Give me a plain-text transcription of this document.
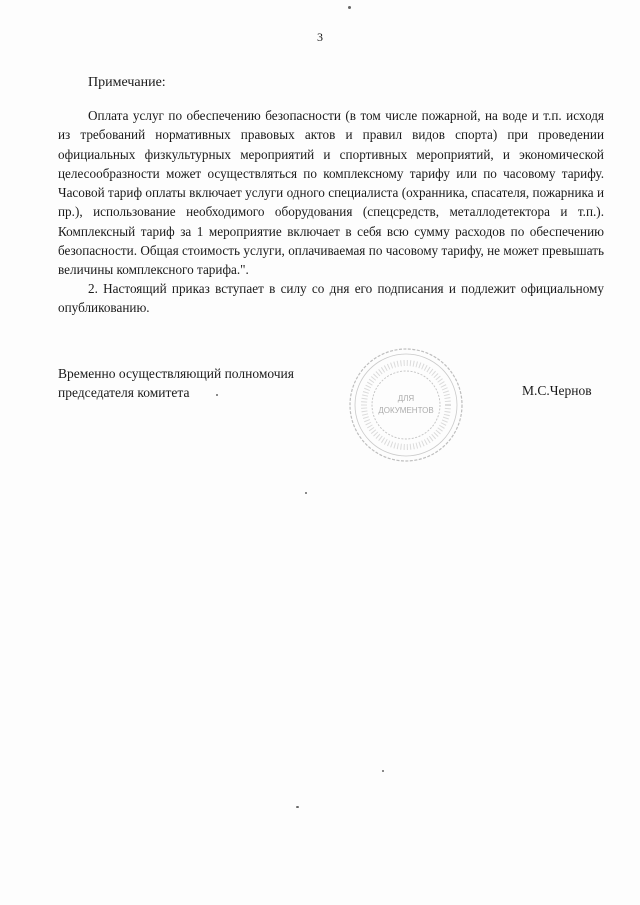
3
Примечание:

Оплата услуг по обеспечению безопасности (в том числе пожарной, на воде и т.п. исходя из требований нормативных правовых актов и правил видов спорта) при проведении официальных физкультурных мероприятий и спортивных мероприятий, и экономической целесообразности может осуществляться по комплексному тарифу или по часовому тарифу. Часовой тариф оплаты включает услуги одного специалиста (охранника, спасателя, пожарника и пр.), использование необходимого оборудования (спецсредств, металлодетектора и т.п.). Комплексный тариф за 1 мероприятие включает в себя всю сумму расходов по обеспечению безопасности. Общая стоимость услуги, оплачиваемая по часовому тарифу, не может превышать величины комплексного тарифа.".

2. Настоящий приказ вступает в силу со дня его подписания и подлежит официальному опубликованию.

Временно осуществляющий полномочия
председателя комитета	М.С.Чернов
ДЛЯ
ДОКУМЕНТОВ
